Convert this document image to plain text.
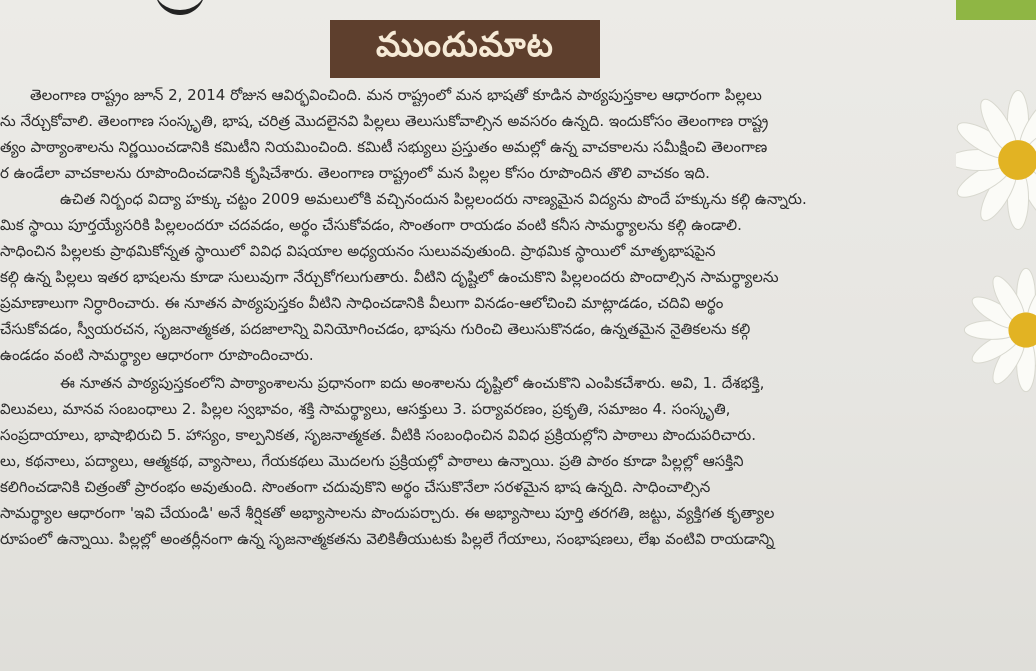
ముందుమాట
తెలంగాణ రాష్ట్రం జూన్ 2, 2014 రోజున ఆవిర్భవించింది. మన రాష్ట్రంలో మన భాషతో కూడిన పాఠ్యపుస్తకాల ఆధారంగా పిల్లలు
ను నేర్చుకోవాలి. తెలంగాణ సంస్కృతి, భాష, చరిత్ర మొదలైనవి పిల్లలు తెలుసుకోవాల్సిన అవసరం ఉన్నది. ఇందుకోసం తెలంగాణ రాష్ట్ర
త్యం పాఠ్యాంశాలను నిర్ణయించడానికి కమిటీని నియమించింది. కమిటీ సభ్యులు ప్రస్తుతం అమల్లో ఉన్న వాచకాలను సమీక్షించి తెలంగాణ
ర ఉండేలా వాచకాలను రూపొందించడానికి కృషిచేశారు. తెలంగాణ రాష్ట్రంలో మన పిల్లల కోసం రూపొందిన తొలి వాచకం ఇది.
ఉచిత నిర్బంధ విద్యా హక్కు చట్టం 2009 అమలులోకి వచ్చినందున పిల్లలందరు నాణ్యమైన విద్యను పొందే హక్కును కల్గి ఉన్నారు.
మిక స్థాయి పూర్తయ్యేసరికి పిల్లలందరూ చదవడం, అర్థం చేసుకోవడం, సొంతంగా రాయడం వంటి కనీస సామర్థ్యాలను కల్గి ఉండాలి.
సాధించిన పిల్లలకు ప్రాథమికోన్నత స్థాయిలో వివిధ విషయాల అధ్యయనం సులువవుతుంది. ప్రాథమిక స్థాయిలో మాతృభాషపైన
కల్గి ఉన్న పిల్లలు ఇతర భాషలను కూడా సులువుగా నేర్చుకోగలుగుతారు. వీటిని దృష్టిలో ఉంచుకొని పిల్లలందరు పొందాల్సిన సామర్థ్యాలను
ప్రమాణాలుగా నిర్ధారించారు. ఈ నూతన పాఠ్యపుస్తకం వీటిని సాధించడానికి వీలుగా వినడం-ఆలోచించి మాట్లాడడం, చదివి అర్థం
చేసుకోవడం, స్వీయరచన, సృజనాత్మకత, పదజాలాన్ని వినియోగించడం, భాషను గురించి తెలుసుకొనడం, ఉన్నతమైన నైతికలను కల్గి
ఉండడం వంటి సామర్థ్యాల ఆధారంగా రూపొందించారు.
ఈ నూతన పాఠ్యపుస్తకంలోని పాఠ్యాంశాలను ప్రధానంగా ఐదు అంశాలను దృష్టిలో ఉంచుకొని ఎంపికచేశారు. అవి, 1. దేశభక్తి,
విలువలు, మానవ సంబంధాలు 2. పిల్లల స్వభావం, శక్తి సామర్థ్యాలు, ఆసక్తులు 3. పర్యావరణం, ప్రకృతి, సమాజం 4. సంస్కృతి,
సంప్రదాయాలు, భాషాభిరుచి 5. హాస్యం, కాల్పనికత, సృజనాత్మకత. వీటికి సంబంధించిన వివిధ ప్రక్రియల్లోని పాఠాలు పొందుపరిచారు.
లు, కథనాలు, పద్యాలు, ఆత్మకథ, వ్యాసాలు, గేయకథలు మొదలగు ప్రక్రియల్లో పాఠాలు ఉన్నాయి. ప్రతి పాఠం కూడా పిల్లల్లో ఆసక్తిని
కలిగించడానికి చిత్రంతో ప్రారంభం అవుతుంది. సొంతంగా చదువుకొని అర్థం చేసుకొనేలా సరళమైన భాష ఉన్నది. సాధించాల్సిన
సామర్థ్యాల ఆధారంగా 'ఇవి చేయండి' అనే శీర్షికతో అభ్యాసాలను పొందుపర్చారు. ఈ అభ్యాసాలు పూర్తి తరగతి, జట్టు, వ్యక్తిగత కృత్యాల
రూపంలో ఉన్నాయి. పిల్లల్లో అంతర్లీనంగా ఉన్న సృజనాత్మకతను వెలికితీయుటకు పిల్లలే గేయాలు, సంభాషణలు, లేఖ వంటివి రాయడాన్ని
